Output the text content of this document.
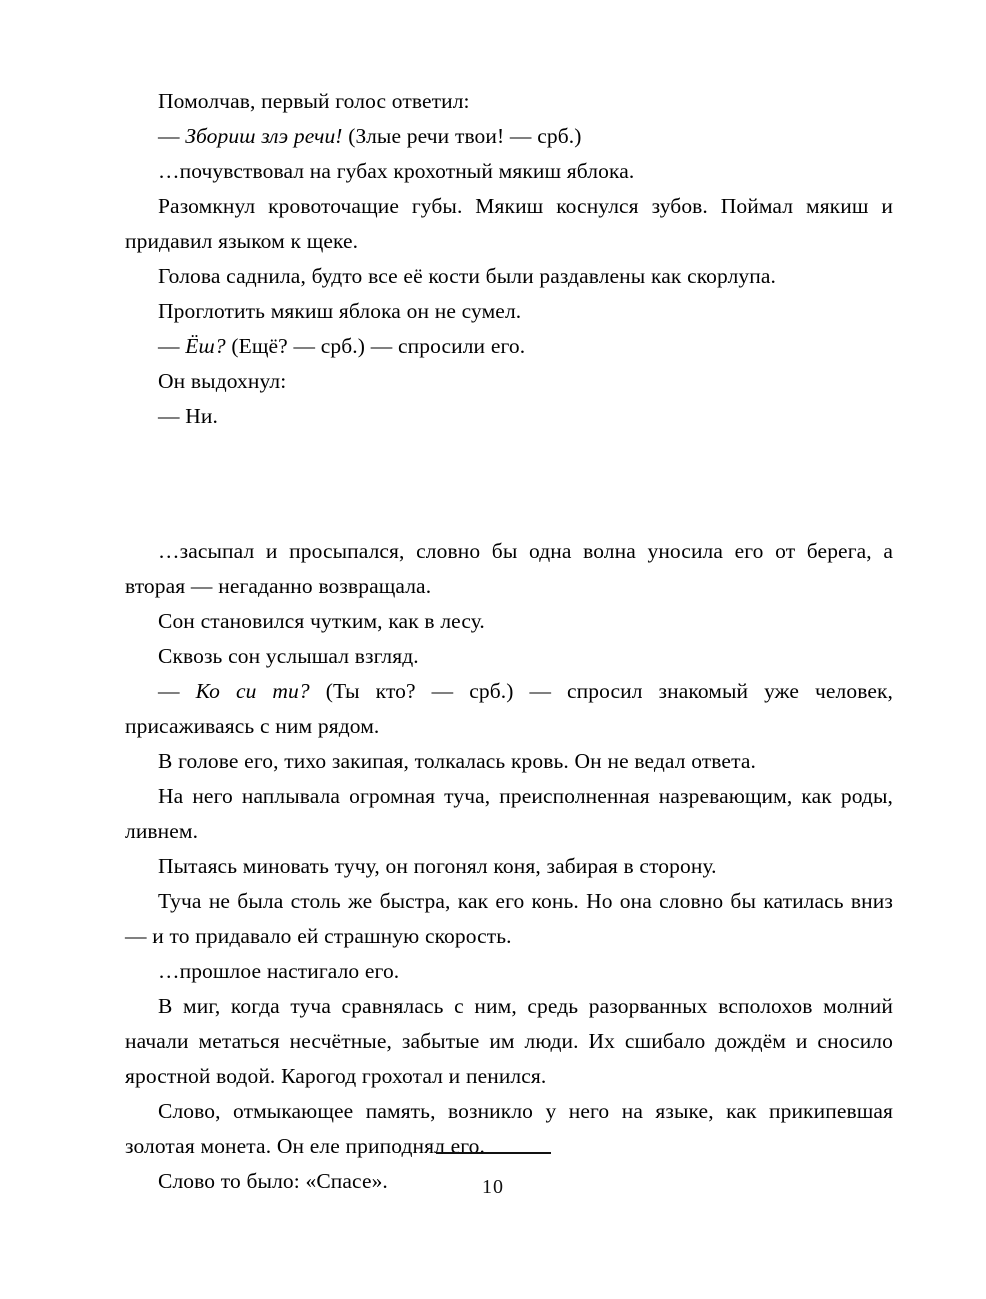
Помолчав, первый голос ответил:

— Збориш злэ речи! (Злые речи твои! — срб.)

…почувствовал на губах крохотный мякиш яблока.

Разомкнул кровоточащие губы. Мякиш коснулся зубов. Поймал мякиш и придавил языком к щеке.

Голова саднила, будто все её кости были раздавлены как скорлупа.

Проглотить мякиш яблока он не сумел.

— Ёш? (Ещё? — срб.) — спросили его.

Он выдохнул:

— Ни.

…засыпал и просыпался, словно бы одна волна уносила его от берега, а вторая — негаданно возвращала.

Сон становился чутким, как в лесу.

Сквозь сон услышал взгляд.

— Ко си ти? (Ты кто? — срб.) — спросил знакомый уже человек, присаживаясь с ним рядом.

В голове его, тихо закипая, толкалась кровь. Он не ведал ответа.

На него наплывала огромная туча, преисполненная назревающим, как роды, ливнем.

Пытаясь миновать тучу, он погонял коня, забирая в сторону.

Туча не была столь же быстра, как его конь. Но она словно бы катилась вниз — и то придавало ей страшную скорость.

…прошлое настигало его.

В миг, когда туча сравнялась с ним, средь разорванных всполохов молний начали метаться несчётные, забытые им люди. Их сшибало дождём и сносило яростной водой. Карогод грохотал и пенился.

Слово, отмыкающее память, возникло у него на языке, как прикипевшая золотая монета. Он еле приподнял его.

Слово то было: «Спасе».	10
